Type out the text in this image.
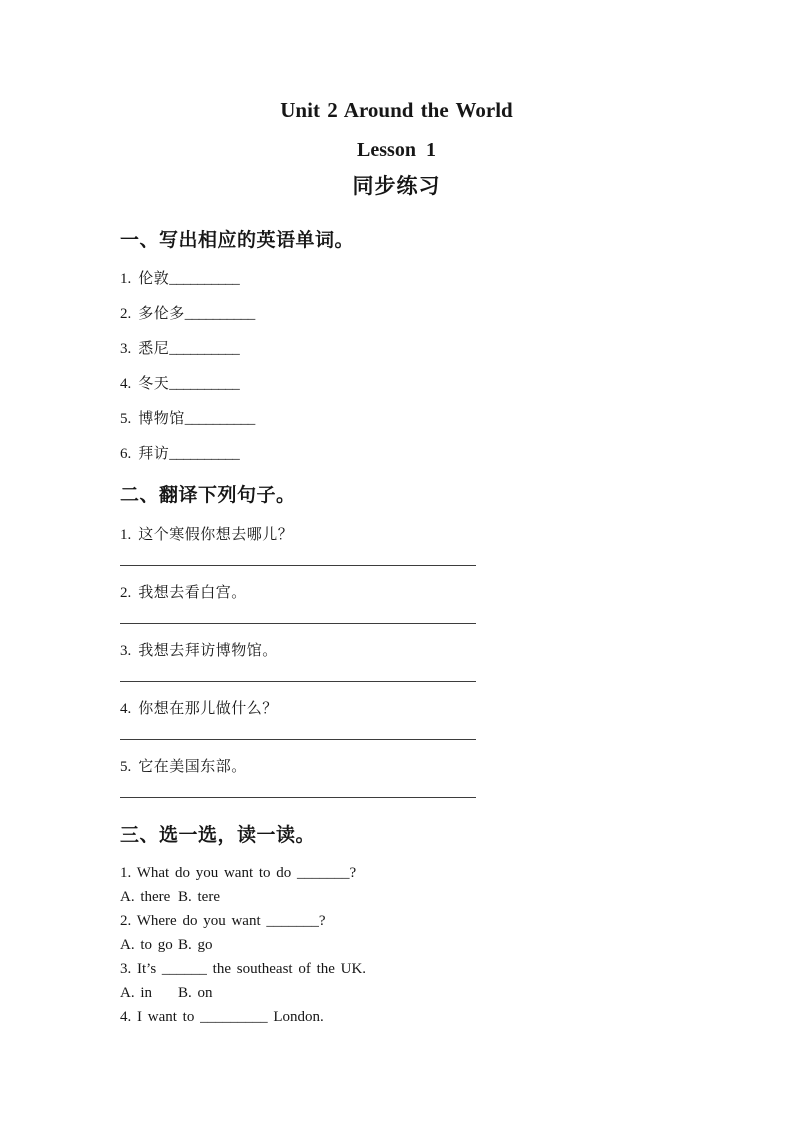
Unit 2 Around the World
Lesson 1
同步练习
一、写出相应的英语单词。
1. 伦敦__________
2. 多伦多__________
3. 悉尼__________
4. 冬天__________
5. 博物馆__________
6. 拜访__________
二、翻译下列句子。
1. 这个寒假你想去哪儿？
2. 我想去看白宫。
3. 我想去拜访博物馆。
4. 你想在那儿做什么？
5. 它在美国东部。
三、选一选，读一读。
1. What do you want to do _______?
A. there B. tere
2. Where do you want _______?
A. to go B. go
3. It’s ______ the southeast of the UK.
A. in B. on
4. I want to _________ London.
